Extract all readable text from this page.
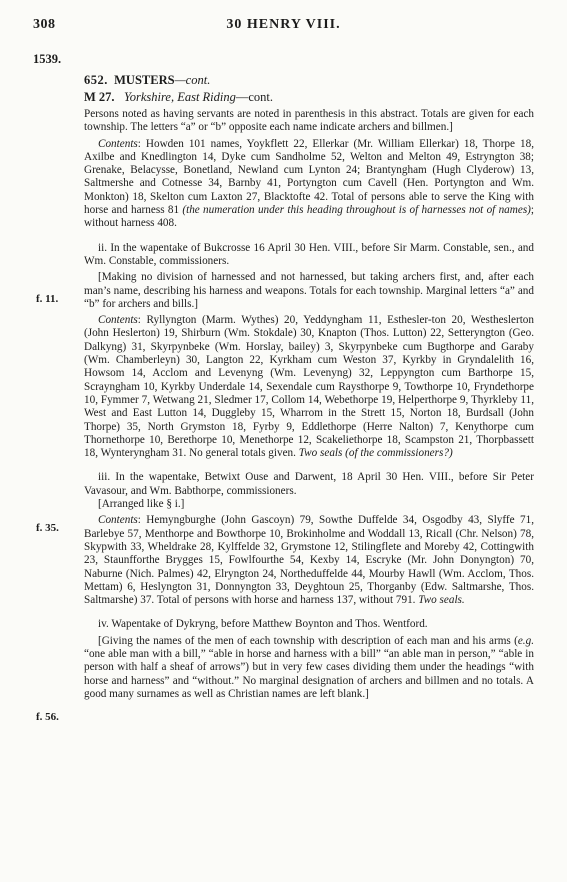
308	30 HENRY VIII.
1539.
652. MUSTERS—cont.
M 27. Yorkshire, East Riding—cont.
f. 11.
f. 35.
f. 56.

Persons noted as having servants are noted in parenthesis in this abstract. Totals are given for each township. The letters “a” or “b” opposite each name indicate archers and billmen.]

Contents: Howden 101 names, Yoykflett 22, Ellerkar (Mr. William Ellerkar) 18, Thorpe 18, Axilbe and Knedlington 14, Dyke cum Sandholme 52, Welton and Melton 49, Estryngton 38; Grenake, Belacysse, Bonetland, Newland cum Lynton 24; Brantyngham (Hugh Clyderow) 13, Saltmershe and Cotnesse 34, Barnby 41, Portyngton cum Cavell (Hen. Portyngton and Wm. Monkton) 18, Skelton cum Laxton 27, Blacktofte 42. Total of persons able to serve the King with horse and harness 81 (the numeration under this heading throughout is of harnesses not of names); without harness 408.

ii. In the wapentake of Bukcrosse 16 April 30 Hen. VIII., before Sir Marm. Constable, sen., and Wm. Constable, commissioners.

[Making no division of harnessed and not harnessed, but taking archers first, and, after each man’s name, describing his harness and weapons. Totals for each township. Marginal letters “a” and “b” for archers and bills.]

Contents: Ryllyngton (Marm. Wythes) 20, Yeddyngham 11, Esthesler-ton 20, Westheslerton (John Heslerton) 19, Shirburn (Wm. Stokdale) 30, Knapton (Thos. Lutton) 22, Setteryngton (Geo. Dalkyng) 31, Skyrpynbeke (Wm. Horslay, bailey) 3, Skyrpynbeke cum Bugthorpe and Garaby (Wm. Chamberleyn) 30, Langton 22, Kyrkham cum Weston 37, Kyrkby in Gryndalelith 16, Howsom 14, Acclom and Levenyng (Wm. Levenyng) 32, Leppyngton cum Barthorpe 15, Scrayngham 10, Kyrkby Underdale 14, Sexendale cum Raysthorpe 9, Towthorpe 10, Fryndethorpe 10, Fymmer 7, Wetwang 21, Sledmer 17, Collom 14, Webethorpe 19, Helperthorpe 9, Thyrkleby 11, West and East Lutton 14, Duggleby 15, Wharrom in the Strett 15, Norton 18, Burdsall (John Thorpe) 35, North Grymston 18, Fyrby 9, Eddlethorpe (Herre Nalton) 7, Kenythorpe cum Thornethorpe 10, Berethorpe 10, Menethorpe 12, Scakeliethorpe 18, Scampston 21, Thorpbassett 18, Wynteryngham 31. No general totals given. Two seals (of the commissioners?)

iii. In the wapentake, Betwixt Ouse and Darwent, 18 April 30 Hen. VIII., before Sir Peter Vavasour, and Wm. Babthorpe, commissioners.

[Arranged like § i.]

Contents: Hemyngburghe (John Gascoyn) 79, Sowthe Duffelde 34, Osgodby 43, Slyffe 71, Barlebye 57, Menthorpe and Bowthorpe 10, Brokinholme and Woddall 13, Ricall (Chr. Nelson) 78, Skypwith 33, Wheldrake 28, Kylffelde 32, Grymstone 12, Stilingflete and Moreby 42, Cottingwith 23, Staunfforthe Brygges 15, Fowlfourthe 54, Kexby 14, Escryke (Mr. John Donyngton) 70, Naburne (Nich. Palmes) 42, Elryngton 24, Northeduffelde 44, Mourby Hawll (Wm. Acclom, Thos. Mettam) 6, Heslyngton 31, Donnyngton 33, Deyghtoun 25, Thorganby (Edw. Saltmarshe, Thos. Saltmarshe) 37. Total of persons with horse and harness 137, without 791. Two seals.

iv. Wapentake of Dykryng, before Matthew Boynton and Thos. Wentford.

[Giving the names of the men of each township with description of each man and his arms (e.g. “one able man with a bill,” “able in horse and harness with a bill” “an able man in person,” “able in person with half a sheaf of arrows”) but in very few cases dividing them under the headings “with horse and harness” and “without.” No marginal designation of archers and billmen and no totals. A good many surnames as well as Christian names are left blank.]
